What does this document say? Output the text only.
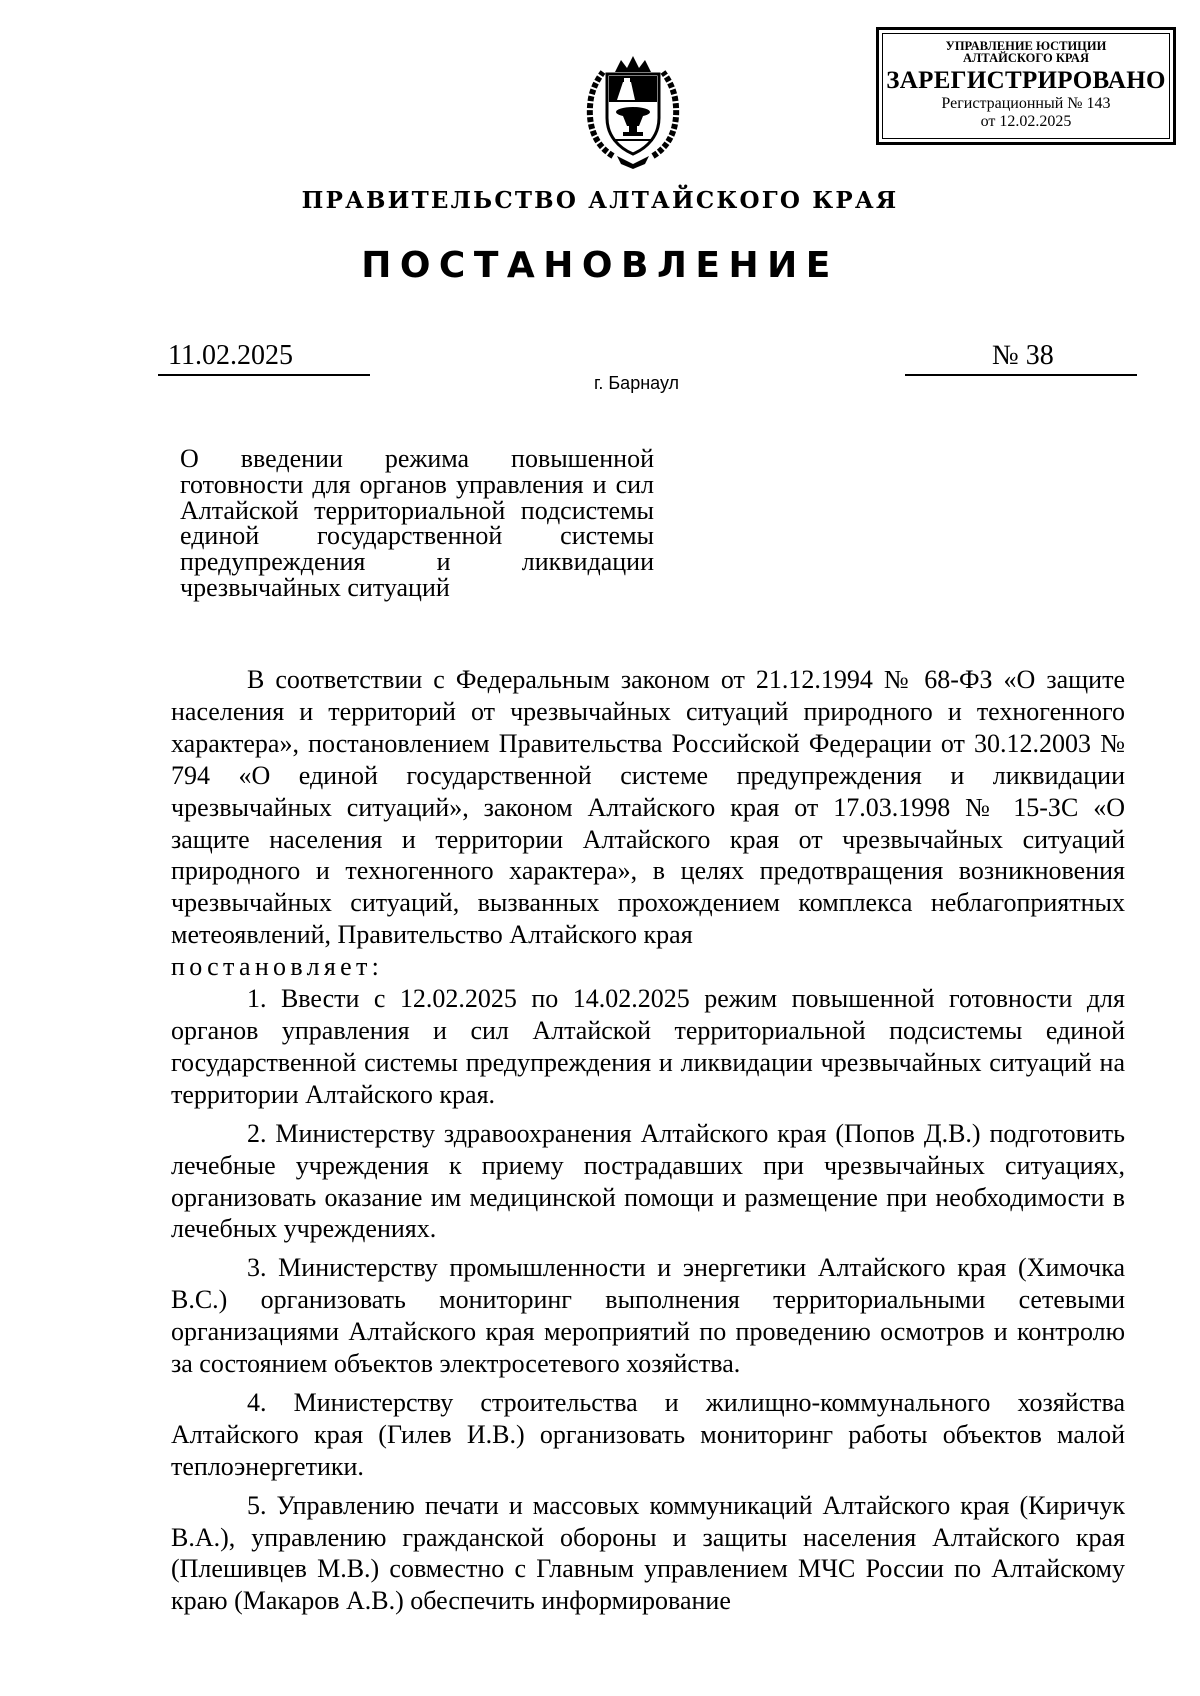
УПРАВЛЕНИЕ ЮСТИЦИИ
АЛТАЙСКОГО КРАЯ
ЗАРЕГИСТРИРОВАНО
Регистрационный № 143
от 12.02.2025
ПРАВИТЕЛЬСТВО АЛТАЙСКОГО КРАЯ
ПОСТАНОВЛЕНИЕ
11.02.2025	№ 38
г. Барнаул
О введении режима повышенной готовности для органов управления и сил Алтайской территориальной подсистемы единой государственной системы предупреждения и ликвидации чрезвычайных ситуаций

В соответствии с Федеральным законом от 21.12.1994 № 68-ФЗ «О защите населения и территорий от чрезвычайных ситуаций природного и техногенного характера», постановлением Правительства Российской Федерации от 30.12.2003 № 794 «О единой государственной системе предупреждения и ликвидации чрезвычайных ситуаций», законом Алтайского края от 17.03.1998 № 15-ЗС «О защите населения и территории Алтайского края от чрезвычайных ситуаций природного и техногенного характера», в целях предотвращения возникновения чрезвычайных ситуаций, вызванных прохождением комплекса неблагоприятных метеоявлений, Правительство Алтайского края

постановляет:

1. Ввести с 12.02.2025 по 14.02.2025 режим повышенной готовности для органов управления и сил Алтайской территориальной подсистемы единой государственной системы предупреждения и ликвидации чрезвычайных ситуаций на территории Алтайского края.

2. Министерству здравоохранения Алтайского края (Попов Д.В.) подготовить лечебные учреждения к приему пострадавших при чрезвычайных ситуациях, организовать оказание им медицинской помощи и размещение при необходимости в лечебных учреждениях.

3. Министерству промышленности и энергетики Алтайского края (Химочка В.С.) организовать мониторинг выполнения территориальными сетевыми организациями Алтайского края мероприятий по проведению осмотров и контролю за состоянием объектов электросетевого хозяйства.

4. Министерству строительства и жилищно-коммунального хозяйства Алтайского края (Гилев И.В.) организовать мониторинг работы объектов малой теплоэнергетики.

5. Управлению печати и массовых коммуникаций Алтайского края (Киричук В.А.), управлению гражданской обороны и защиты населения Алтайского края (Плешивцев М.В.) совместно с Главным управлением МЧС России по Алтайскому краю (Макаров А.В.) обеспечить информирование
